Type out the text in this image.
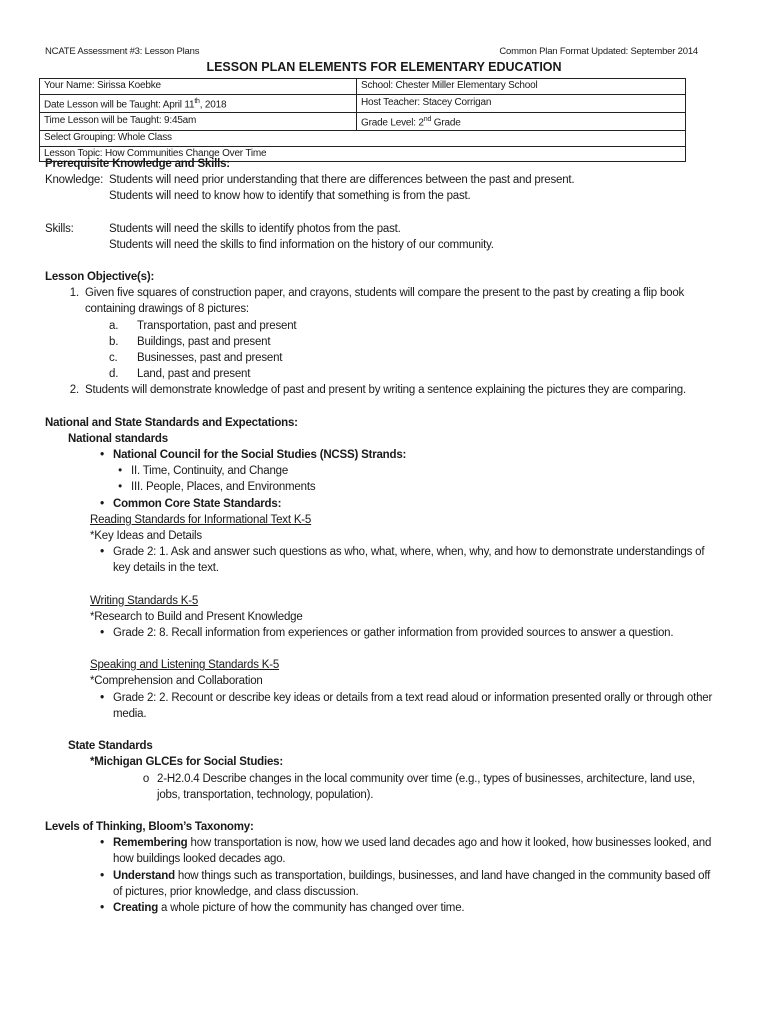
NCATE Assessment #3: Lesson Plans	Common Plan Format Updated: September 2014
LESSON PLAN ELEMENTS FOR ELEMENTARY EDUCATION
Your Name: Sirissa Koebke	School: Chester Miller Elementary School
Date Lesson will be Taught: April 11th, 2018	Host Teacher: Stacey Corrigan
Time Lesson will be Taught: 9:45am	Grade Level: 2nd Grade
Select Grouping: Whole Class	
Lesson Topic: How Communities Change Over Time	
Prerequisite Knowledge and Skills:
Knowledge: Students will need prior understanding that there are differences between the past and present.
Students will need to know how to identify that something is from the past.
Skills:	Students will need the skills to identify photos from the past.
Students will need the skills to find information on the history of our community.
Lesson Objective(s):
1. Given five squares of construction paper, and crayons, students will compare the present to the past by creating a flip book containing drawings of 8 pictures:
a.	Transportation, past and present
b.	Buildings, past and present
c.	Businesses, past and present
d.	Land, past and present
2. Students will demonstrate knowledge of past and present by writing a sentence explaining the pictures they are comparing.
National and State Standards and Expectations:
National standards
• National Council for the Social Studies (NCSS) Strands:
• II. Time, Continuity, and Change
• III. People, Places, and Environments
• Common Core State Standards:
Reading Standards for Informational Text K-5
*Key Ideas and Details
• Grade 2: 1. Ask and answer such questions as who, what, where, when, why, and how to demonstrate understandings of key details in the text.
Writing Standards K-5
*Research to Build and Present Knowledge
• Grade 2: 8. Recall information from experiences or gather information from provided sources to answer a question.
Speaking and Listening Standards K-5
*Comprehension and Collaboration
• Grade 2: 2. Recount or describe key ideas or details from a text read aloud or information presented orally or through other media.
State Standards
*Michigan GLCEs for Social Studies:
o 2-H2.0.4 Describe changes in the local community over time (e.g., types of businesses, architecture, land use, jobs, transportation, technology, population).
Levels of Thinking, Bloom’s Taxonomy:
• Remembering how transportation is now, how we used land decades ago and how it looked, how businesses looked, and how buildings looked decades ago.
• Understand how things such as transportation, buildings, businesses, and land have changed in the community based off of pictures, prior knowledge, and class discussion.
• Creating a whole picture of how the community has changed over time.
